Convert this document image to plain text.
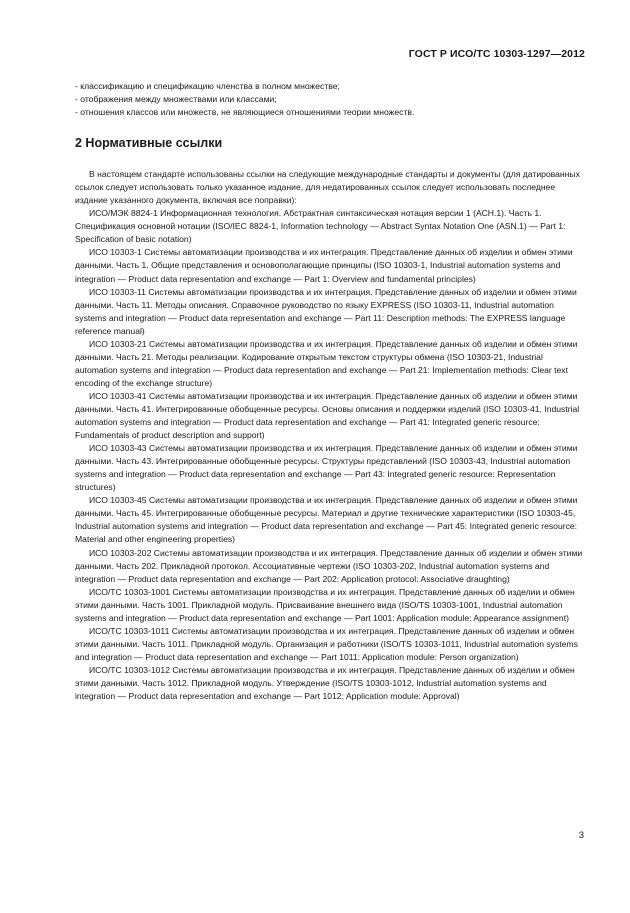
ГОСТ Р ИСО/ТС 10303-1297—2012

- классификацию и спецификацию членства в полном множестве;

- отображения между множествами или классами;

- отношения классов или множеств, не являющиеся отношениями теории множеств.

2 Нормативные ссылки

В настоящем стандарте использованы ссылки на следующие международные стандарты и документы (для датированных ссылок следует использовать только указанное издание, для недатированных ссылок следует использовать последнее издание указанного документа, включая все поправки):

ИСО/МЭК 8824-1 Информационная технология. Абстрактная синтаксическая нотация версии 1 (АСН.1). Часть 1. Спецификация основной нотации (ISO/IEC 8824-1, Information technology — Abstract Syntax Notation One (ASN.1) — Part 1: Specification of basic notation)

ИСО 10303-1 Системы автоматизации производства и их интеграция. Представление данных об изделии и обмен этими данными. Часть 1. Общие представления и основополагающие принципы (ISO 10303-1, Industrial automation systems and integration — Product data representation and exchange — Part 1: Overview and fundamental principles)

ИСО 10303-11 Системы автоматизации производства и их интеграция. Представление данных об изделии и обмен этими данными. Часть 11. Методы описания. Справочное руководство по языку EXPRESS (ISO 10303-11, Industrial automation systems and integration — Product data representation and exchange — Part 11: Description methods: The EXPRESS language reference manual)

ИСО 10303-21 Системы автоматизации производства и их интеграция. Представление данных об изделии и обмен этими данными. Часть 21. Методы реализации. Кодирование открытым текстом структуры обмена (ISO 10303-21, Industrial automation systems and integration — Product data representation and exchange — Part 21: Implementation methods: Clear text encoding of the exchange structure)

ИСО 10303-41 Системы автоматизации производства и их интеграция. Представление данных об изделии и обмен этими данными. Часть 41. Интегрированные обобщенные ресурсы. Основы описания и поддержки изделий (ISO 10303-41, Industrial automation systems and integration — Product data representation and exchange — Part 41: Integrated generic resource: Fundamentals of product description and support)

ИСО 10303-43 Системы автоматизации производства и их интеграция. Представление данных об изделии и обмен этими данными. Часть 43. Интегрированные обобщенные ресурсы. Структуры представлений (ISO 10303-43, Industrial automation systems and integration — Product data representation and exchange — Part 43: Integrated generic resource: Representation structures)

ИСО 10303-45 Системы автоматизации производства и их интеграция. Представление данных об изделии и обмен этими данными. Часть 45. Интегрированные обобщенные ресурсы. Материал и другие технические характеристики (ISO 10303-45, Industrial automation systems and integration — Product data representation and exchange — Part 45: Integrated generic resource: Material and other engineering properties)

ИСО 10303-202 Системы автоматизации производства и их интеграция. Представление данных об изделии и обмен этими данными. Часть 202. Прикладной протокол. Ассоциативные чертежи (ISO 10303-202, Industrial automation systems and integration — Product data representation and exchange — Part 202: Application protocol: Associative draughting)

ИСО/ТС 10303-1001 Системы автоматизации производства и их интеграция. Представление данных об изделии и обмен этими данными. Часть 1001. Прикладной модуль. Присваивание внешнего вида (ISO/TS 10303-1001, Industrial automation systems and integration — Product data representation and exchange — Part 1001: Application module: Appearance assignment)

ИСО/ТС 10303-1011 Системы автоматизации производства и их интеграция. Представление данных об изделии и обмен этими данными. Часть 1011. Прикладной модуль. Организация и работники (ISO/TS 10303-1011, Industrial automation systems and integration — Product data representation and exchange — Part 1011: Application module: Person organization)

ИСО/ТС 10303-1012 Системы автоматизации производства и их интеграция. Представление данных об изделии и обмен этими данными. Часть 1012. Прикладной модуль. Утверждение (ISO/TS 10303-1012, Industrial automation systems and integration — Product data representation and exchange — Part 1012: Application module: Approval)

3
